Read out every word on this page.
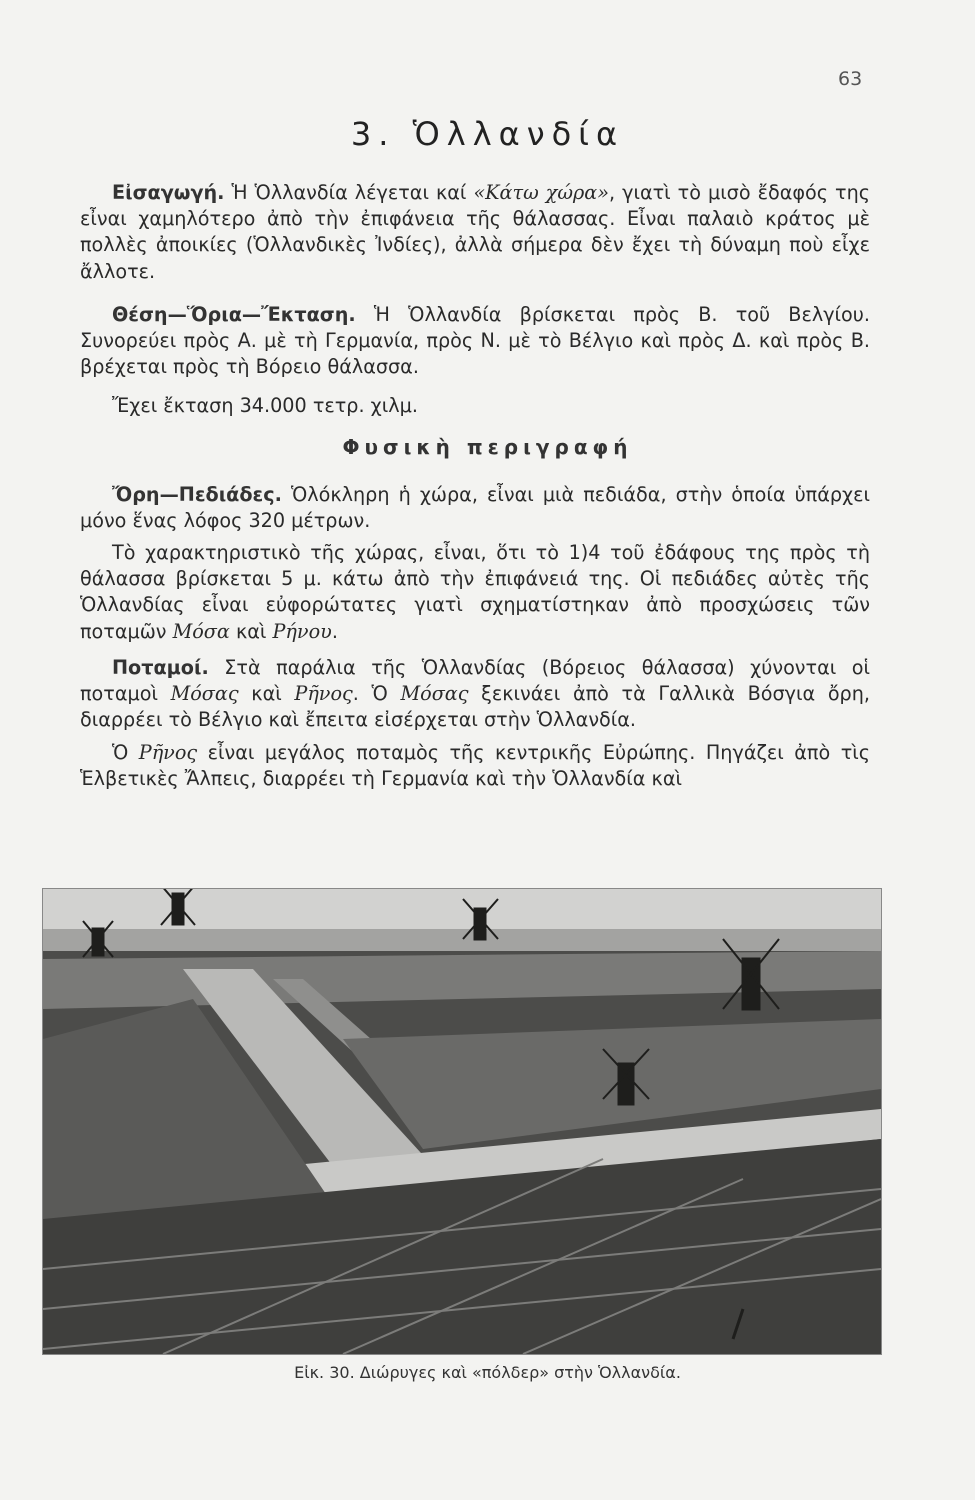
63
3. Ὁλλανδία

Εἰσαγωγή. Ἡ Ὁλλανδία λέγεται καί «Κάτω χώρα», γιατὶ τὸ μισὸ ἔδαφός της εἶναι χαμηλότερο ἀπὸ τὴν ἐπιφάνεια τῆς θάλασσας. Εἶναι παλαιὸ κράτος μὲ πολλὲς ἀποικίες (Ὁλλανδικὲς Ἰνδίες), ἀλλὰ σήμερα δὲν ἔχει τὴ δύναμη ποὺ εἶχε ἄλλοτε.

Θέση—Ὅρια—Ἔκταση. Ἡ Ὁλλανδία βρίσκεται πρὸς Β. τοῦ Βελγίου. Συνορεύει πρὸς Α. μὲ τὴ Γερμανία, πρὸς Ν. μὲ τὸ Βέλγιο καὶ πρὸς Δ. καὶ πρὸς Β. βρέχεται πρὸς τὴ Βόρειο θάλασσα.

Ἔχει ἔκταση 34.000 τετρ. χιλμ.

Φυσικὴ περιγραφή

Ὄρη—Πεδιάδες. Ὁλόκληρη ἡ χώρα, εἶναι μιὰ πεδιάδα, στὴν ὁποία ὑπάρχει μόνο ἕνας λόφος 320 μέτρων.

Τὸ χαρακτηριστικὸ τῆς χώρας, εἶναι, ὅτι τὸ 1)4 τοῦ ἐδάφους της πρὸς τὴ θάλασσα βρίσκεται 5 μ. κάτω ἀπὸ τὴν ἐπιφάνειά της. Οἱ πεδιάδες αὐτὲς τῆς Ὁλλανδίας εἶναι εὐφορώτατες γιατὶ σχηματίστηκαν ἀπὸ προσχώσεις τῶν ποταμῶν Μόσα καὶ Ρήνου.

Ποταμοί. Στὰ παράλια τῆς Ὁλλανδίας (Βόρειος θάλασσα) χύνονται οἱ ποταμοὶ Μόσας καὶ Ρῆνος. Ὁ Μόσας ξεκινάει ἀπὸ τὰ Γαλλικὰ Βόσγια ὄρη, διαρρέει τὸ Βέλγιο καὶ ἔπειτα εἰσέρχεται στὴν Ὁλλανδία.

Ὁ Ρῆνος εἶναι μεγάλος ποταμὸς τῆς κεντρικῆς Εὐρώπης. Πηγάζει ἀπὸ τὶς Ἑλβετικὲς Ἄλπεις, διαρρέει τὴ Γερμανία καὶ τὴν Ὁλλανδία καὶ

Εἰκ. 30. Διώρυγες καὶ «πόλδερ» στὴν Ὁλλανδία.
